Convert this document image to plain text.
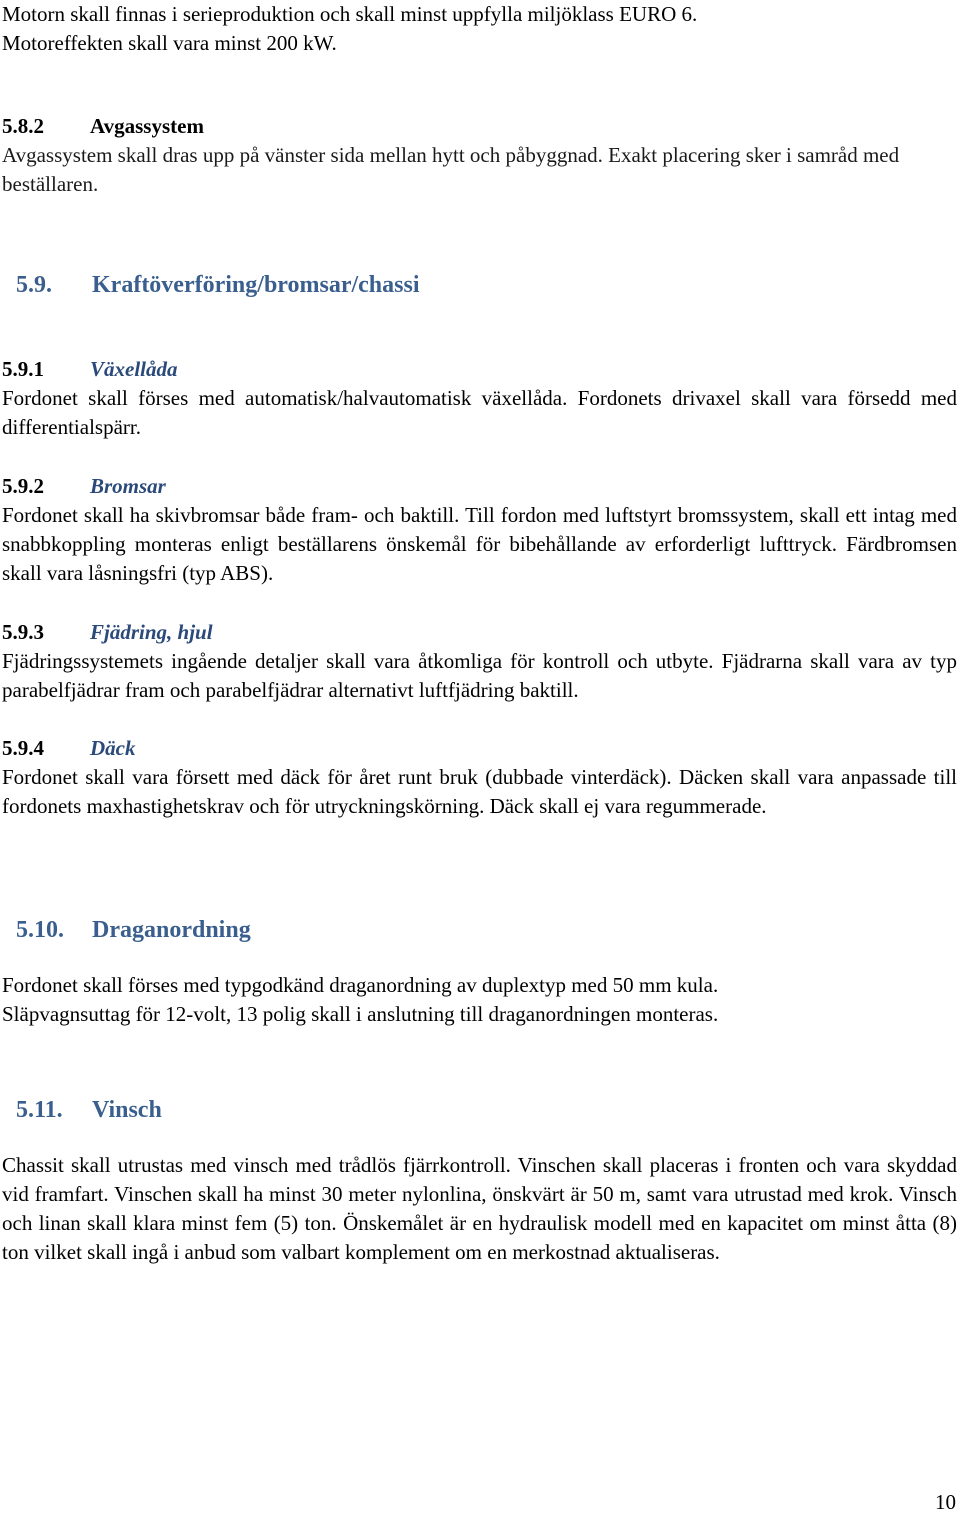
Motorn skall finnas i serieproduktion och skall minst uppfylla miljöklass EURO 6.

Motoreffekten skall vara minst 200 kW.

5.8.2 Avgassystem

Avgassystem skall dras upp på vänster sida mellan hytt och påbyggnad. Exakt placering sker i samråd med beställaren.

5.9. Kraftöverföring/bromsar/chassi

5.9.1 Växellåda

Fordonet skall förses med automatisk/halvautomatisk växellåda. Fordonets drivaxel skall vara försedd med differentialspärr.

5.9.2 Bromsar

Fordonet skall ha skivbromsar både fram- och baktill. Till fordon med luftstyrt bromssystem, skall ett intag med snabbkoppling monteras enligt beställarens önskemål för bibehållande av erforderligt lufttryck. Färdbromsen skall vara låsningsfri (typ ABS).

5.9.3 Fjädring, hjul

Fjädringssystemets ingående detaljer skall vara åtkomliga för kontroll och utbyte. Fjädrarna skall vara av typ parabelfjädrar fram och parabelfjädrar alternativt luftfjädring baktill.

5.9.4 Däck

Fordonet skall vara försett med däck för året runt bruk (dubbade vinterdäck). Däcken skall vara anpassade till fordonets maxhastighetskrav och för utryckningskörning. Däck skall ej vara regummerade.

5.10. Draganordning

Fordonet skall förses med typgodkänd draganordning av duplextyp med 50 mm kula.

Släpvagnsuttag för 12-volt, 13 polig skall i anslutning till draganordningen monteras.

5.11. Vinsch

Chassit skall utrustas med vinsch med trådlös fjärrkontroll. Vinschen skall placeras i fronten och vara skyddad vid framfart. Vinschen skall ha minst 30 meter nylonlina, önskvärt är 50 m, samt vara utrustad med krok. Vinsch och linan skall klara minst fem (5) ton. Önskemålet är en hydraulisk modell med en kapacitet om minst åtta (8) ton vilket skall ingå i anbud som valbart komplement om en merkostnad aktualiseras.

10
